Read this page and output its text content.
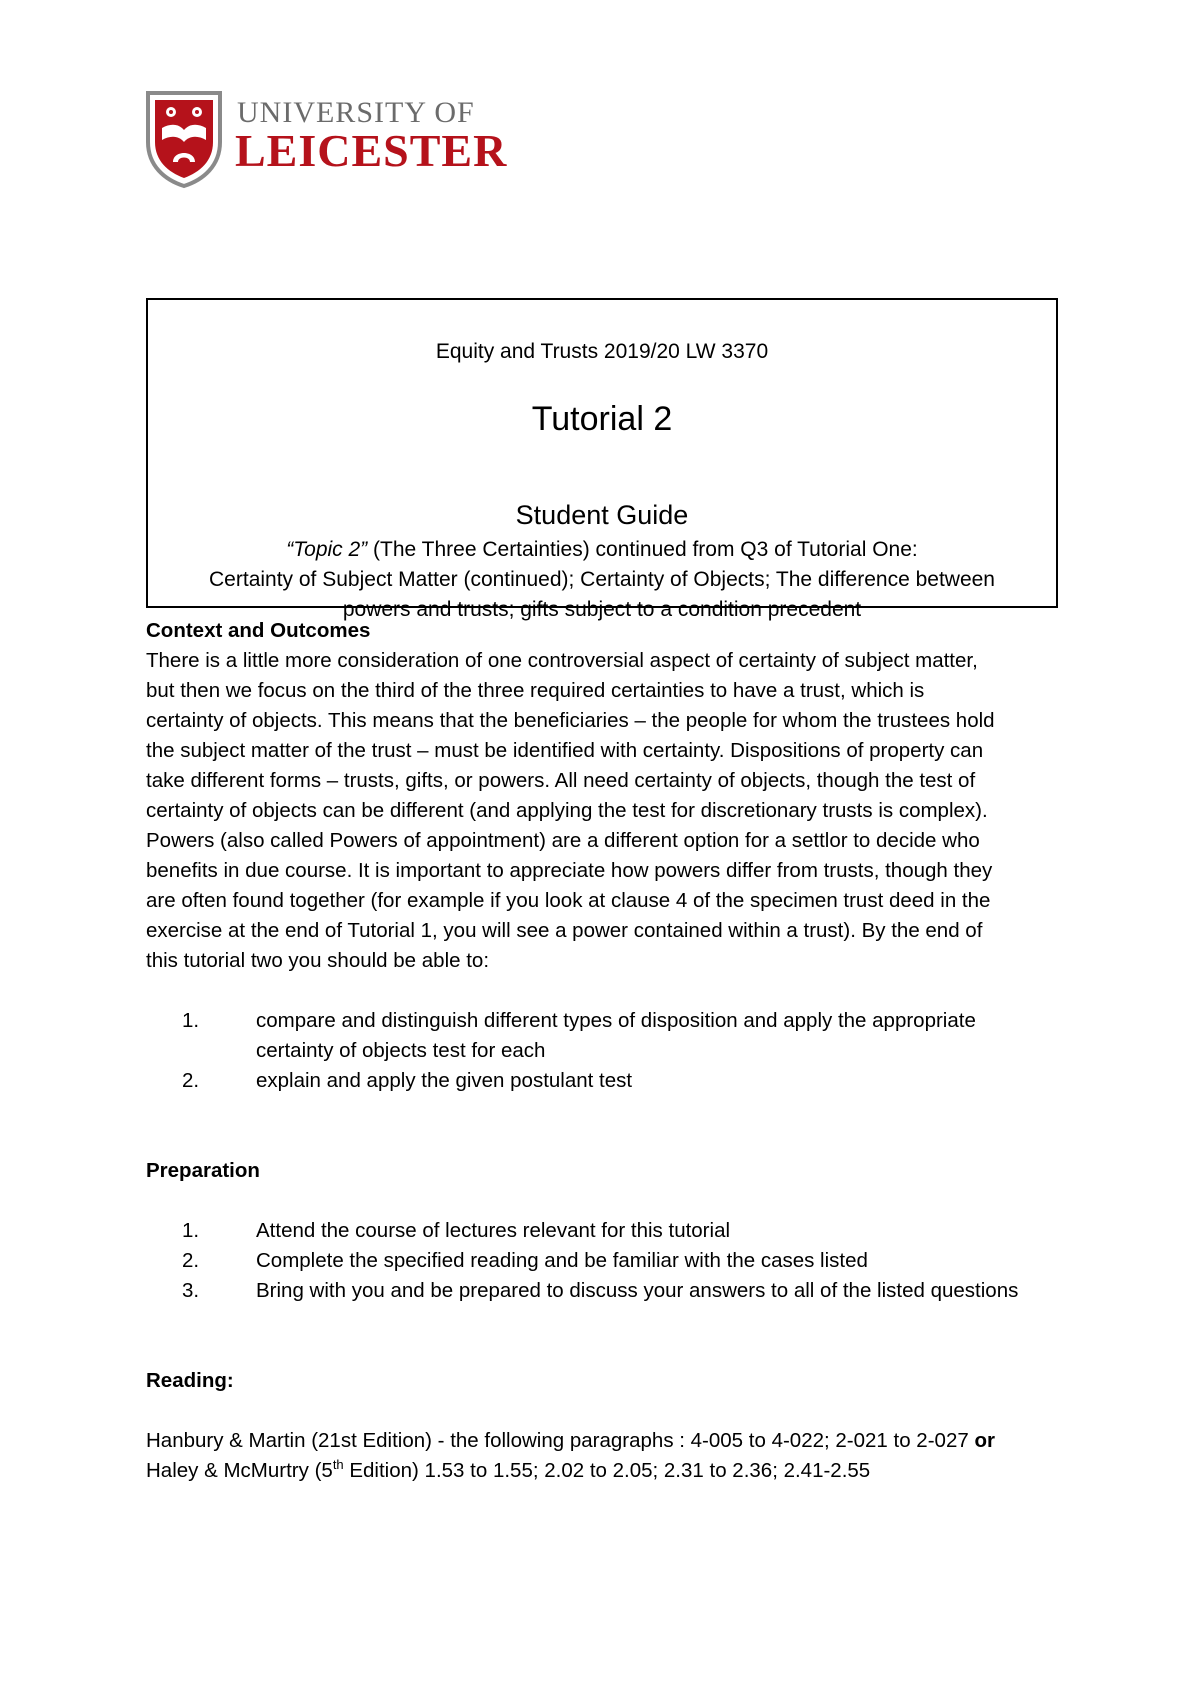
UNIVERSITY OF
LEICESTER
Equity and Trusts 2019/20 LW 3370
Tutorial 2
Student Guide
“Topic 2” (The Three Certainties) continued from Q3 of Tutorial One:
Certainty of Subject Matter (continued); Certainty of Objects; The difference between
powers and trusts; gifts subject to a condition precedent
Context and Outcomes
There is a little more consideration of one controversial aspect of certainty of subject matter,
but then we focus on the third of the three required certainties to have a trust, which is
certainty of objects. This means that the beneficiaries – the people for whom the trustees hold
the subject matter of the trust – must be identified with certainty. Dispositions of property can
take different forms – trusts, gifts, or powers. All need certainty of objects, though the test of
certainty of objects can be different (and applying the test for discretionary trusts is complex).
Powers (also called Powers of appointment) are a different option for a settlor to decide who
benefits in due course. It is important to appreciate how powers differ from trusts, though they
are often found together (for example if you look at clause 4 of the specimen trust deed in the
exercise at the end of Tutorial 1, you will see a power contained within a trust). By the end of
this tutorial two you should be able to:
1.	compare and distinguish different types of disposition and apply the appropriate
certainty of objects test for each
2.	explain and apply the given postulant test
Preparation
1.	Attend the course of lectures relevant for this tutorial
2.	Complete the specified reading and be familiar with the cases listed
3.	Bring with you and be prepared to discuss your answers to all of the listed questions
Reading:
Hanbury & Martin (21st Edition) - the following paragraphs : 4-005 to 4-022; 2-021 to 2-027 or
Haley & McMurtry (5th Edition) 1.53 to 1.55; 2.02 to 2.05; 2.31 to 2.36; 2.41-2.55
